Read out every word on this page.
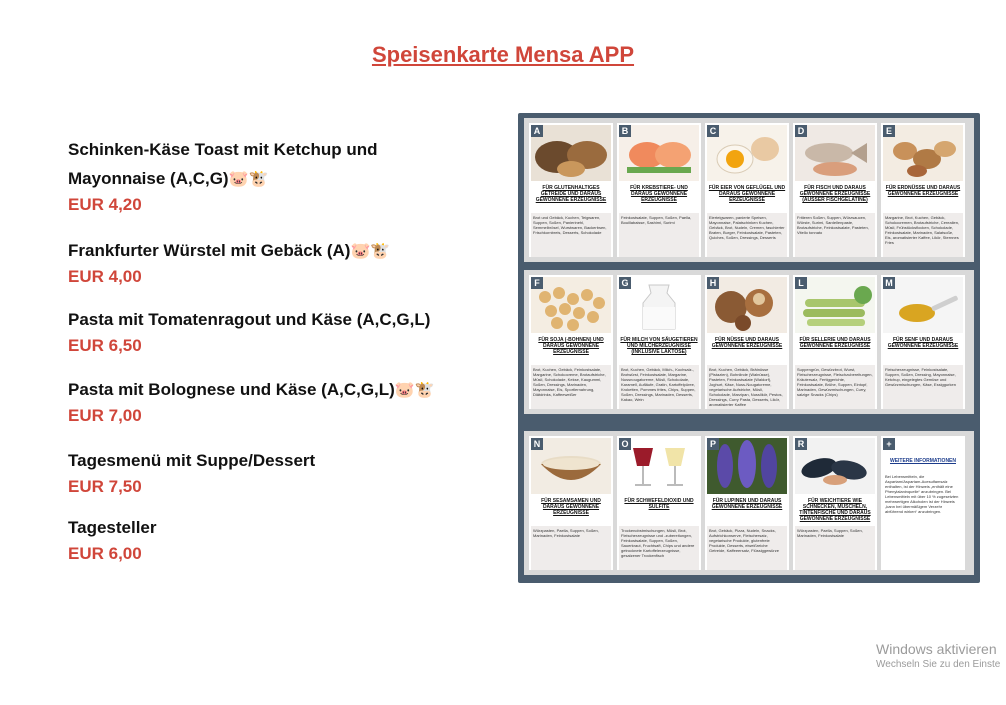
Speisenkarte Mensa APP
Schinken-Käse Toast mit Ketchup und
Mayonnaise (A,C,G)🐷🐮
EUR 4,20
Frankfurter Würstel mit Gebäck (A)🐷🐮
EUR 4,00
Pasta mit Tomatenragout und Käse (A,C,G,L)
EUR 6,50
Pasta mit Bolognese und Käse (A,C,G,L)🐷🐮
EUR 7,00
Tagesmenü mit Suppe/Dessert
EUR 7,50
Tagesteller
EUR 6,00
A
FÜR GLUTENHALTIGES GETREIDE UND DARAUS GEWONNENE ERZEUGNISSE
Brot und Gebäck, Kuchen, Teigwaren, Suppen, Soßen, Panierinehl, Semmelbrösel, Wurstwaren, Backerbsen, Frischkornbreis, Desserts, Schokolade
B
FÜR KREBSTIERE- UND DARAUS GEWONNENE ERZEUGNISSE
Feinkostsalate, Suppen, Soßen, Paella, Bouillabaisse, Sashimi, Surimi
C
FÜR EIER VON GEFLÜGEL UND DARAUS GEWONNENE ERZEUGNISSE
Eierteigwaren, panierte Speisen, Mayonnaise, Palatschinken Kuchen, Gebäck, Brot, Nudeln, Cremen, faschierter Braten, Burger, Feinkostsalate, Pasteten, Quiches, Soßen, Dressings, Desserts
D
FÜR FISCH UND DARAUS GEWONNENE ERZEUGNISSE (AUSSER FISCHGELATINE)
Fritieren Soßen, Suppen, Würzsaucen, Würste, Surimi, Sardellenpaste, Brotaufstriche, Feinkostsalate, Pasteten, Vitello tonnato
E
FÜR ERDNÜSSE UND DARAUS GEWONNENE ERZEUGNISSE
Margarine, Brot, Kuchen, Gebäck, Schokocremen, Brotaufstriche, Cerealien, Müsli, Frühstücksflocken, Schokolade, Feinkostsalate, Marinaden, Salatsoße, Eis, aromatisierter Kaffee, Likör, Sternnes Fries
F
FÜR SOJA (-BOHNEN) UND DARAUS GEWONNENE ERZEUGNISSE
Brot, Kuchen, Gebäck, Feinkostsalate, Margarine, Schokocreme, Brotaufstriche, Müsli, Schokolade, Kekse, Kaugummi, Soßen, Dressings, Marinaden, Mayonnaise, Eis, Sportlernahrung, Diätdrinks, Kaffeeweißer
G
FÜR MILCH VON SÄUGETIEREN UND MILCHERZEUGNISSE (INKLUSIVE LAKTOSE)
Brot, Kuchen, Gebäck, Milch-, Kochsalz-, Brotwürst, Feinkostsalate, Margarine, Nussnougatcreme, Müsli, Schokolade, Karamell, Aufläufe, Gratin, Kartoffelpüree, Kroketten, Pommes frites, Chips, Suppen, Soßen, Dressings, Marinaden, Desserts, Kakao, Wein
H
FÜR NÜSSE UND DARAUS GEWONNENE ERZEUGNISSE
Brot, Kuchen, Gebäck, Brätnüsse (Pistazien), Bohnlinde (Walnüsse), Pasteten, Feinkostsalate (Waldorf), Joghurt, Käse, Nuss-Nougatcreme, vegetarische Aufstriche, Müsli, Schokolade, Marzipan, Nusslikör, Pestos, Dressings, Curry Pasta, Desserts, Likör, aromatisierter Kaffee
L
FÜR SELLERIE UND DARAUS GEWONNENE ERZEUGNISSE
Suppengrün, Gewürzbrot, Wurst, Fleischerzeugnisse, Fleischzubereitungen, Kräutersalz, Fertiggerichte, Feinkostsalate, Brühe, Suppen, Eintopf, Marinaden, Gewürzmischungen, Curry, salzige Snacks (Chips)
M
FÜR SENF UND DARAUS GEWONNENE ERZEUGNISSE
Fleischerzeugnisse, Feinkostsalate, Suppen, Soßen, Dressing, Mayonnaise, Ketchup, eingelegtes Gemüse und Gewürzmischungen, Käse, Essiggurken
N
FÜR SESAMSAMEN UND DARAUS GEWONNENE ERZEUGNISSE
Würzpasten, Paella, Suppen, Soßen, Marinaden, Feinkostsalate
O
FÜR SCHWEFELDIOXID UND SULFITE
Trockenobstmischungen, Müsli, Brot, Fleischerzeugnisse und -zubereitungen, Feinkostsalate, Suppen, Soßen, Sauerkraut, Fruchtsaft, Chips und andere getrocknete Kartoffelerzeugnisse, gesalzener Trockenfisch
P
FÜR LUPINEN UND DARAUS GEWONNENE ERZEUGNISSE
Brot, Gebäck, Pizza, Nudeln, Snacks, Aufstrichkonserve, Fleischersatz, vegetarische Produkte, glutenfreie Produkte, Desserts, eiweißreiche Getreide, Kaffeeersatz, Flüssiggewürze
R
FÜR WEICHTIERE WIE SCHNECKEN, MUSCHELN, TINTENFISCHE UND DARAUS GEWONNENE ERZEUGNISSE
Würzpasten, Paella, Suppen, Soßen, Marinaden, Feinkostsalate
+
WEITERE INFORMATIONEN
Bei Lebensmitteln, die Aspartam/Aspartam-Acesulfamsalz enthalten, ist der Hinweis „enthält eine Phenylalaninquelle“ anzubringen. Bei Lebensmitteln mit über 10 % zugesetzten mehrwertigen Alkoholen ist der Hinweis „kann bei übermäßigem Verzehr abführend wirken“ anzubringen.
Windows aktivieren
Wechseln Sie zu den Einste
